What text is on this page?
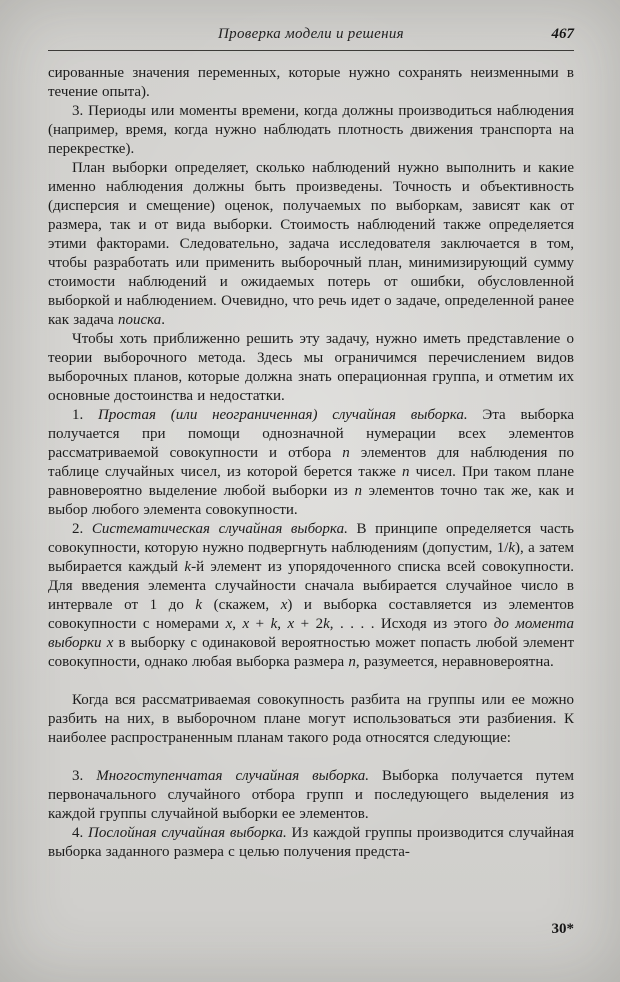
Проверка модели и решения	467

сированные значения переменных, которые нужно сохранять неизменными в течение опыта).

3. Периоды или моменты времени, когда должны производиться наблюдения (например, время, когда нужно наблюдать плотность движения транспорта на перекрестке).

План выборки определяет, сколько наблюдений нужно выполнить и какие именно наблюдения должны быть произведены. Точность и объективность (дисперсия и смещение) оценок, получаемых по выборкам, зависят как от размера, так и от вида выборки. Стоимость наблюдений также определяется этими факторами. Следовательно, задача исследователя заключается в том, чтобы разработать или применить выборочный план, минимизирующий сумму стоимости наблюдений и ожидаемых потерь от ошибки, обусловленной выборкой и наблюдением. Очевидно, что речь идет о задаче, определенной ранее как задача поиска.

Чтобы хоть приближенно решить эту задачу, нужно иметь представление о теории выборочного метода. Здесь мы ограничимся перечислением видов выборочных планов, которые должна знать операционная группа, и отметим их основные достоинства и недостатки.

1. Простая (или неограниченная) случайная выборка. Эта выборка получается при помощи однозначной нумерации всех элементов рассматриваемой совокупности и отбора n элементов для наблюдения по таблице случайных чисел, из которой берется также n чисел. При таком плане равновероятно выделение любой выборки из n элементов точно так же, как и выбор любого элемента совокупности.

2. Систематическая случайная выборка. В принципе определяется часть совокупности, которую нужно подвергнуть наблюдениям (допустим, 1/k), а затем выбирается каждый k-й элемент из упорядоченного списка всей совокупности. Для введения элемента случайности сначала выбирается случайное число в интервале от 1 до k (скажем, x) и выборка составляется из элементов совокупности с номерами x, x + k, x + 2k, . . . . Исходя из этого до момента выборки x в выборку с одинаковой вероятностью может попасть любой элемент совокупности, однако любая выборка размера n, разумеется, неравновероятна.

Когда вся рассматриваемая совокупность разбита на группы или ее можно разбить на них, в выборочном плане могут использоваться эти разбиения. К наиболее распространенным планам такого рода относятся следующие:

3. Многоступенчатая случайная выборка. Выборка получается путем первоначального случайного отбора групп и последующего выделения из каждой группы случайной выборки ее элементов.

4. Послойная случайная выборка. Из каждой группы производится случайная выборка заданного размера с целью получения предста-

30*
